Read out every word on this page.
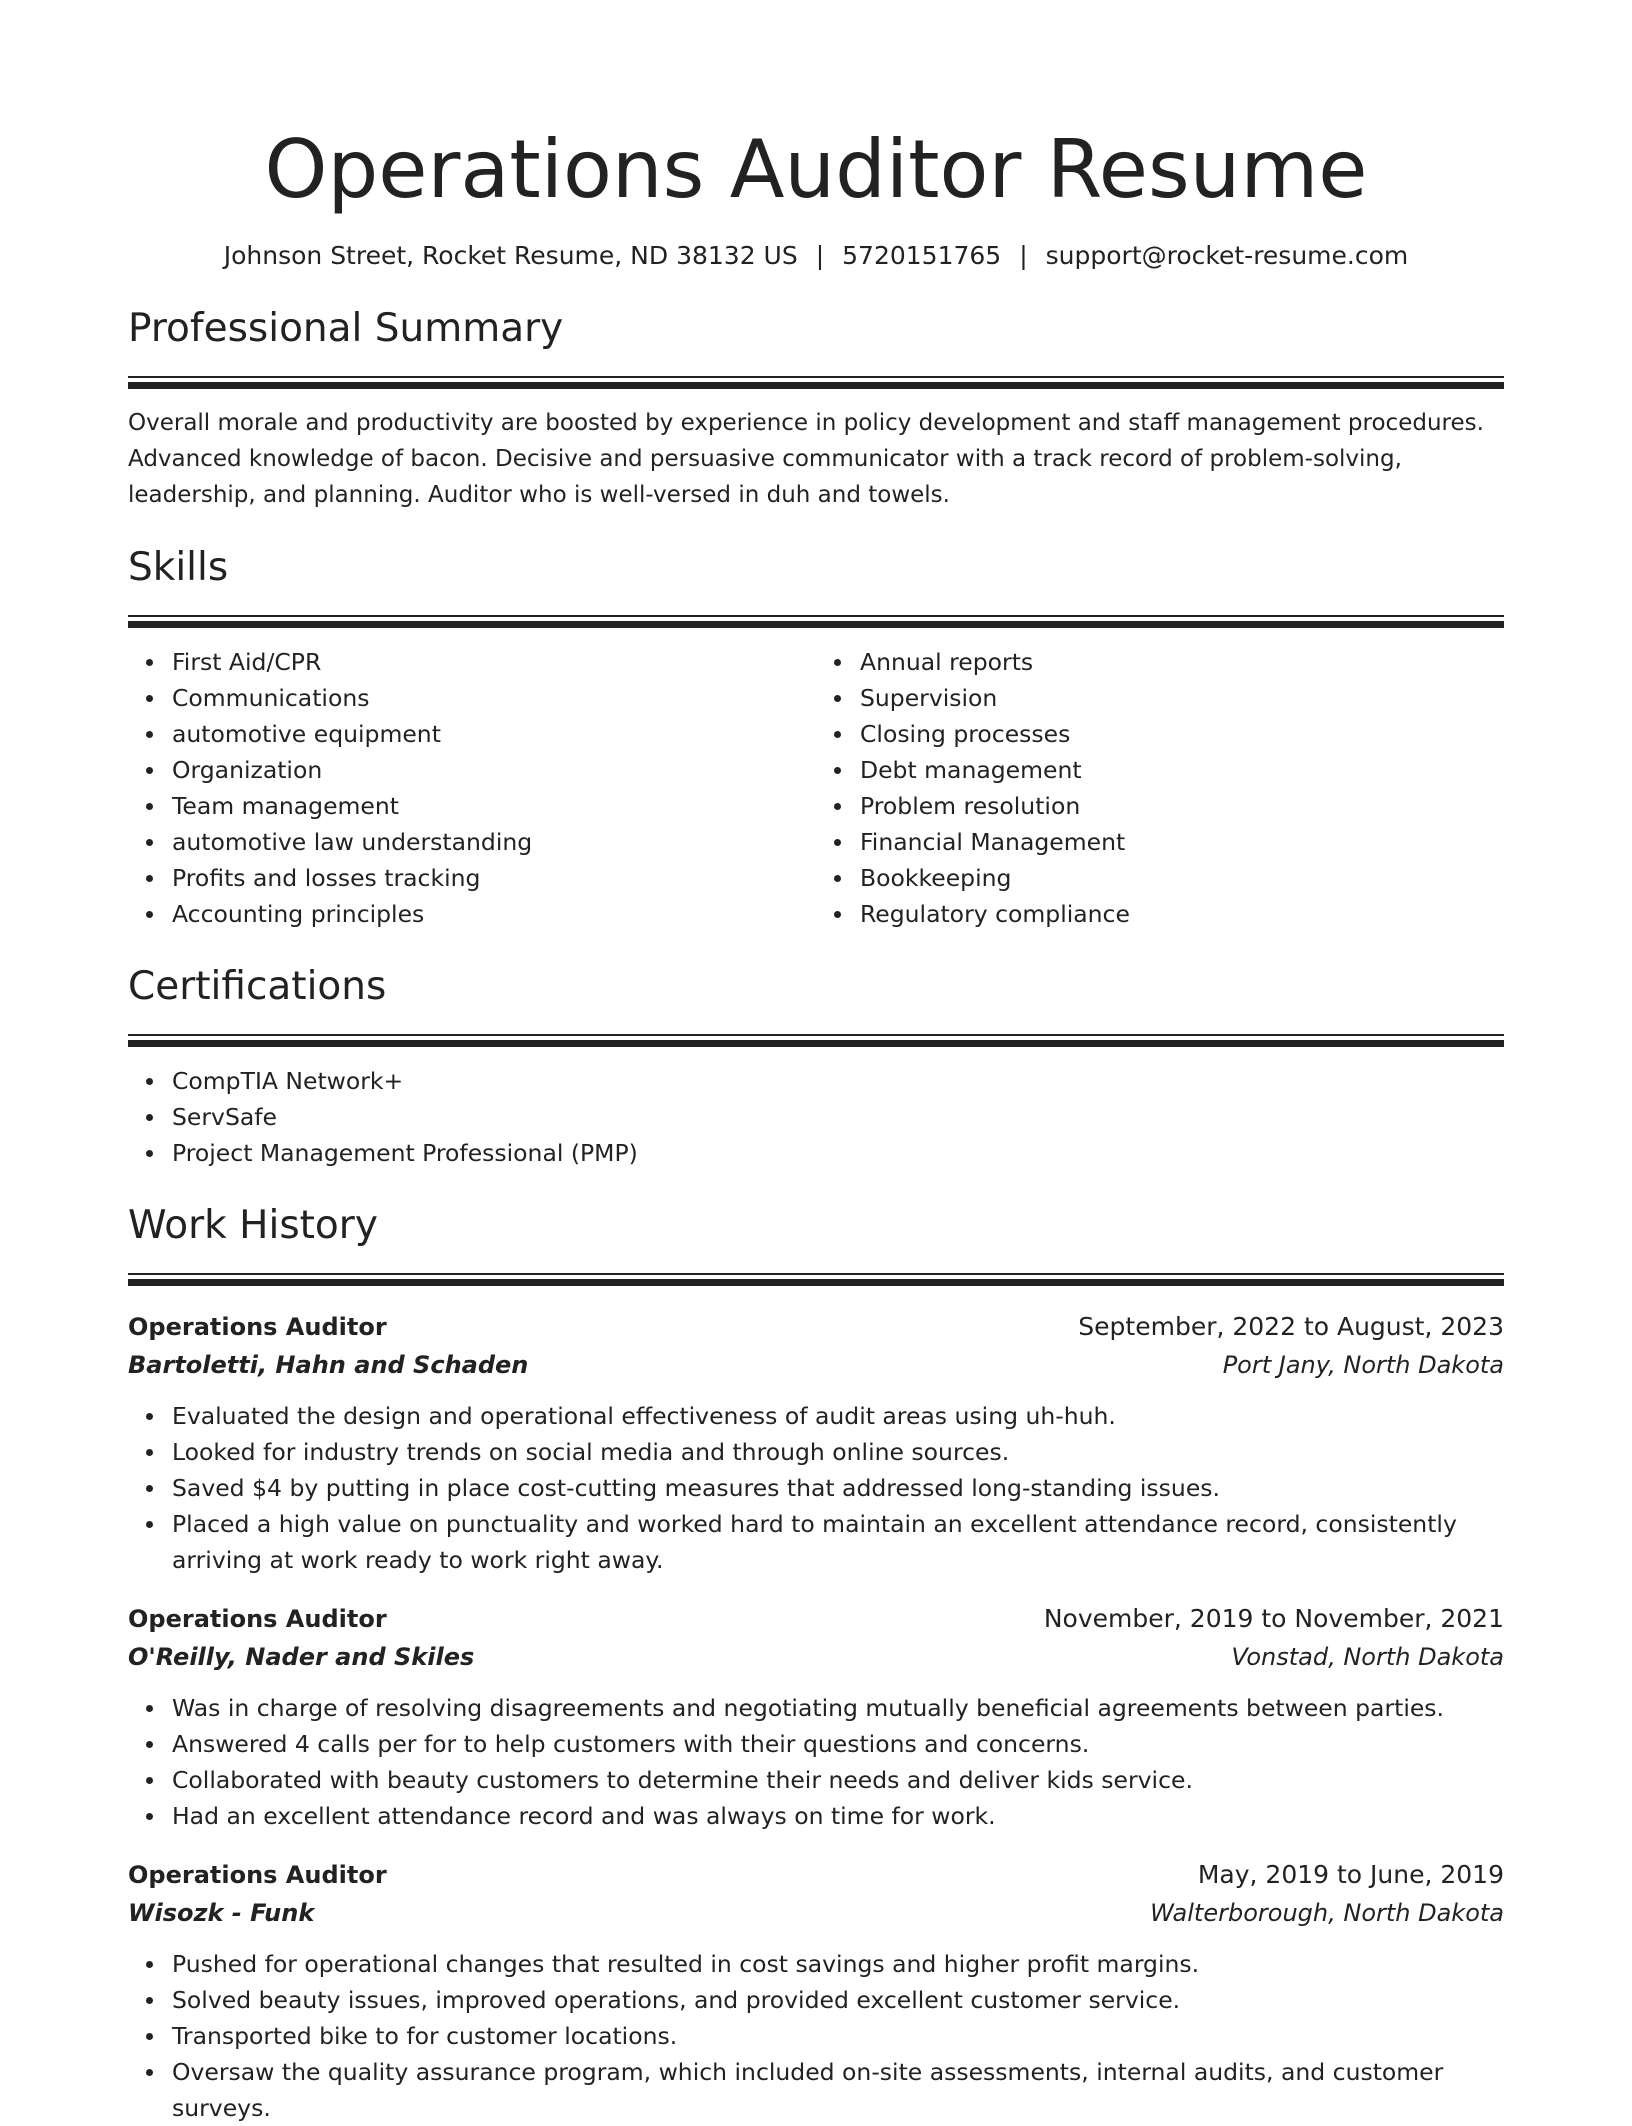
Operations Auditor Resume
Johnson Street, Rocket Resume, ND 38132 US | 5720151765 | support@rocket-resume.com
Professional Summary

Overall morale and productivity are boosted by experience in policy development and staff management procedures. Advanced knowledge of bacon. Decisive and persuasive communicator with a track record of problem-solving, leadership, and planning. Auditor who is well-versed in duh and towels.

Skills
First Aid/CPR
Communications
automotive equipment
Organization
Team management
automotive law understanding
Profits and losses tracking
Accounting principles
Annual reports
Supervision
Closing processes
Debt management
Problem resolution
Financial Management
Bookkeeping
Regulatory compliance
Certifications
CompTIA Network+
ServSafe
Project Management Professional (PMP)
Work History
Operations Auditor	September, 2022 to August, 2023
Bartoletti, Hahn and Schaden	Port Jany, North Dakota
Evaluated the design and operational effectiveness of audit areas using uh-huh.
Looked for industry trends on social media and through online sources.
Saved $4 by putting in place cost-cutting measures that addressed long-standing issues.
Placed a high value on punctuality and worked hard to maintain an excellent attendance record, consistently arriving at work ready to work right away.
Operations Auditor	November, 2019 to November, 2021
O'Reilly, Nader and Skiles	Vonstad, North Dakota
Was in charge of resolving disagreements and negotiating mutually beneficial agreements between parties.
Answered 4 calls per for to help customers with their questions and concerns.
Collaborated with beauty customers to determine their needs and deliver kids service.
Had an excellent attendance record and was always on time for work.
Operations Auditor	May, 2019 to June, 2019
Wisozk - Funk	Walterborough, North Dakota
Pushed for operational changes that resulted in cost savings and higher profit margins.
Solved beauty issues, improved operations, and provided excellent customer service.
Transported bike to for customer locations.
Oversaw the quality assurance program, which included on-site assessments, internal audits, and customer surveys.
